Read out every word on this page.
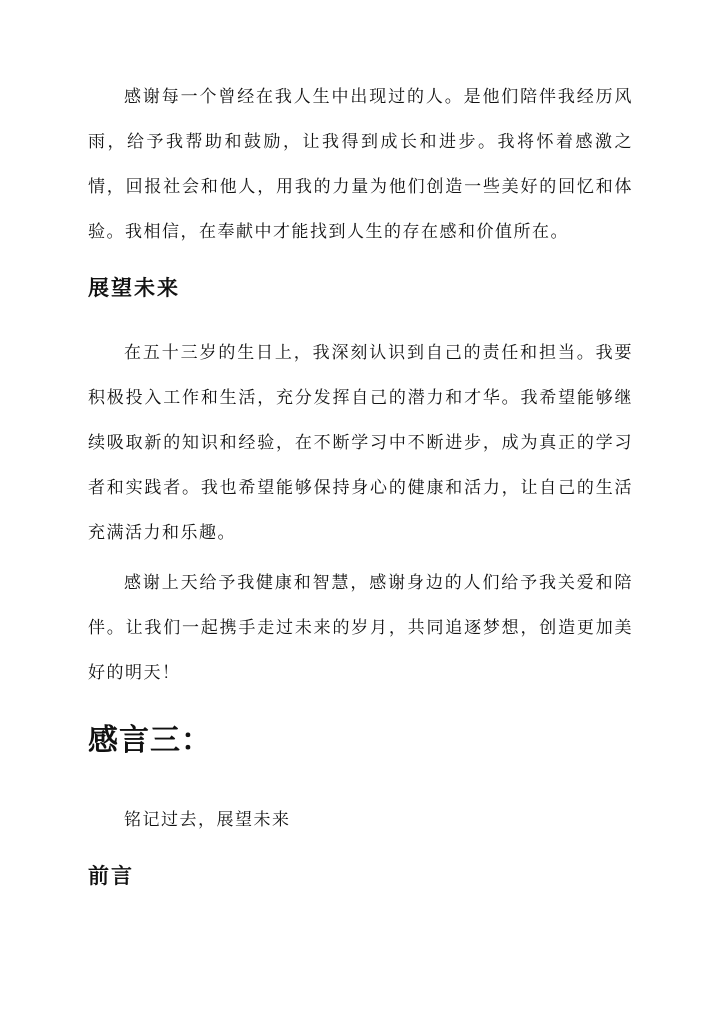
感谢每一个曾经在我人生中出现过的人。是他们陪伴我经历风雨，给予我帮助和鼓励，让我得到成长和进步。我将怀着感激之情，回报社会和他人，用我的力量为他们创造一些美好的回忆和体验。我相信，在奉献中才能找到人生的存在感和价值所在。

展望未来

在五十三岁的生日上，我深刻认识到自己的责任和担当。我要积极投入工作和生活，充分发挥自己的潜力和才华。我希望能够继续吸取新的知识和经验，在不断学习中不断进步，成为真正的学习者和实践者。我也希望能够保持身心的健康和活力，让自己的生活充满活力和乐趣。

感谢上天给予我健康和智慧，感谢身边的人们给予我关爱和陪伴。让我们一起携手走过未来的岁月，共同追逐梦想，创造更加美好的明天！

感言三：

铭记过去，展望未来

前言
